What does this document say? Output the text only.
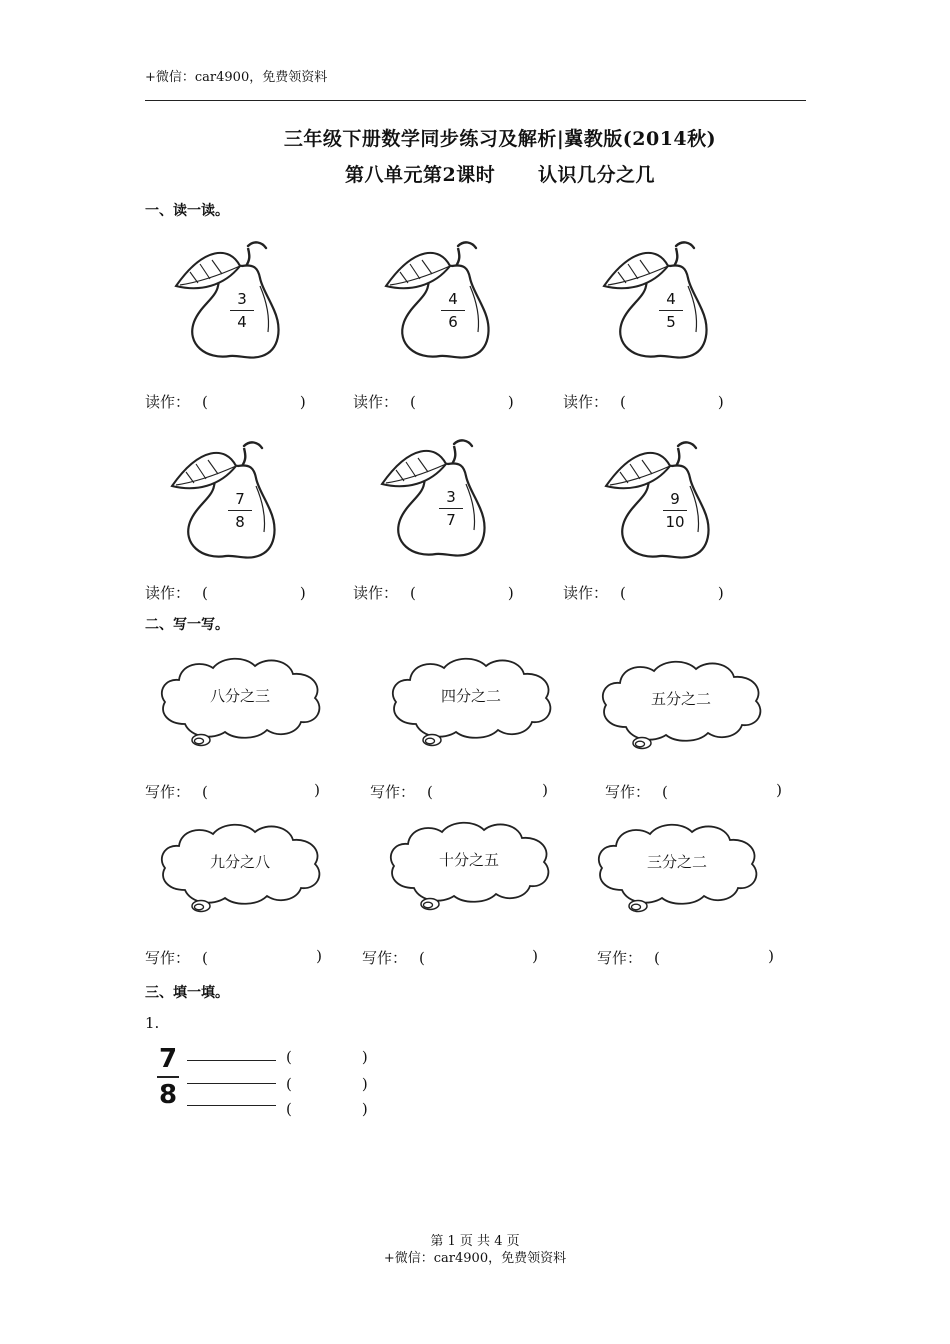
+微信：car4900，免费领资料
三年级下册数学同步练习及解析|冀教版(2014秋)
第八单元第2课时      认识几分之几
一、读一读。
3
4
4
6
4
5
7
8
3
7
9
10
读作： (	)	读作： (	)	读作： (	)
读作： (	)	读作： (	)	读作： (	)
二、写一写。
八分之三	四分之二	五分之二
九分之八	十分之五	三分之二
写作： (	)	写作： (	)	写作： (	)
写作： (	)	写作： (	)	写作： (	)
三、填一填。
1.
7
8
(	)
(	)
(	)
第 1 页 共 4 页
+微信：car4900，免费领资料
